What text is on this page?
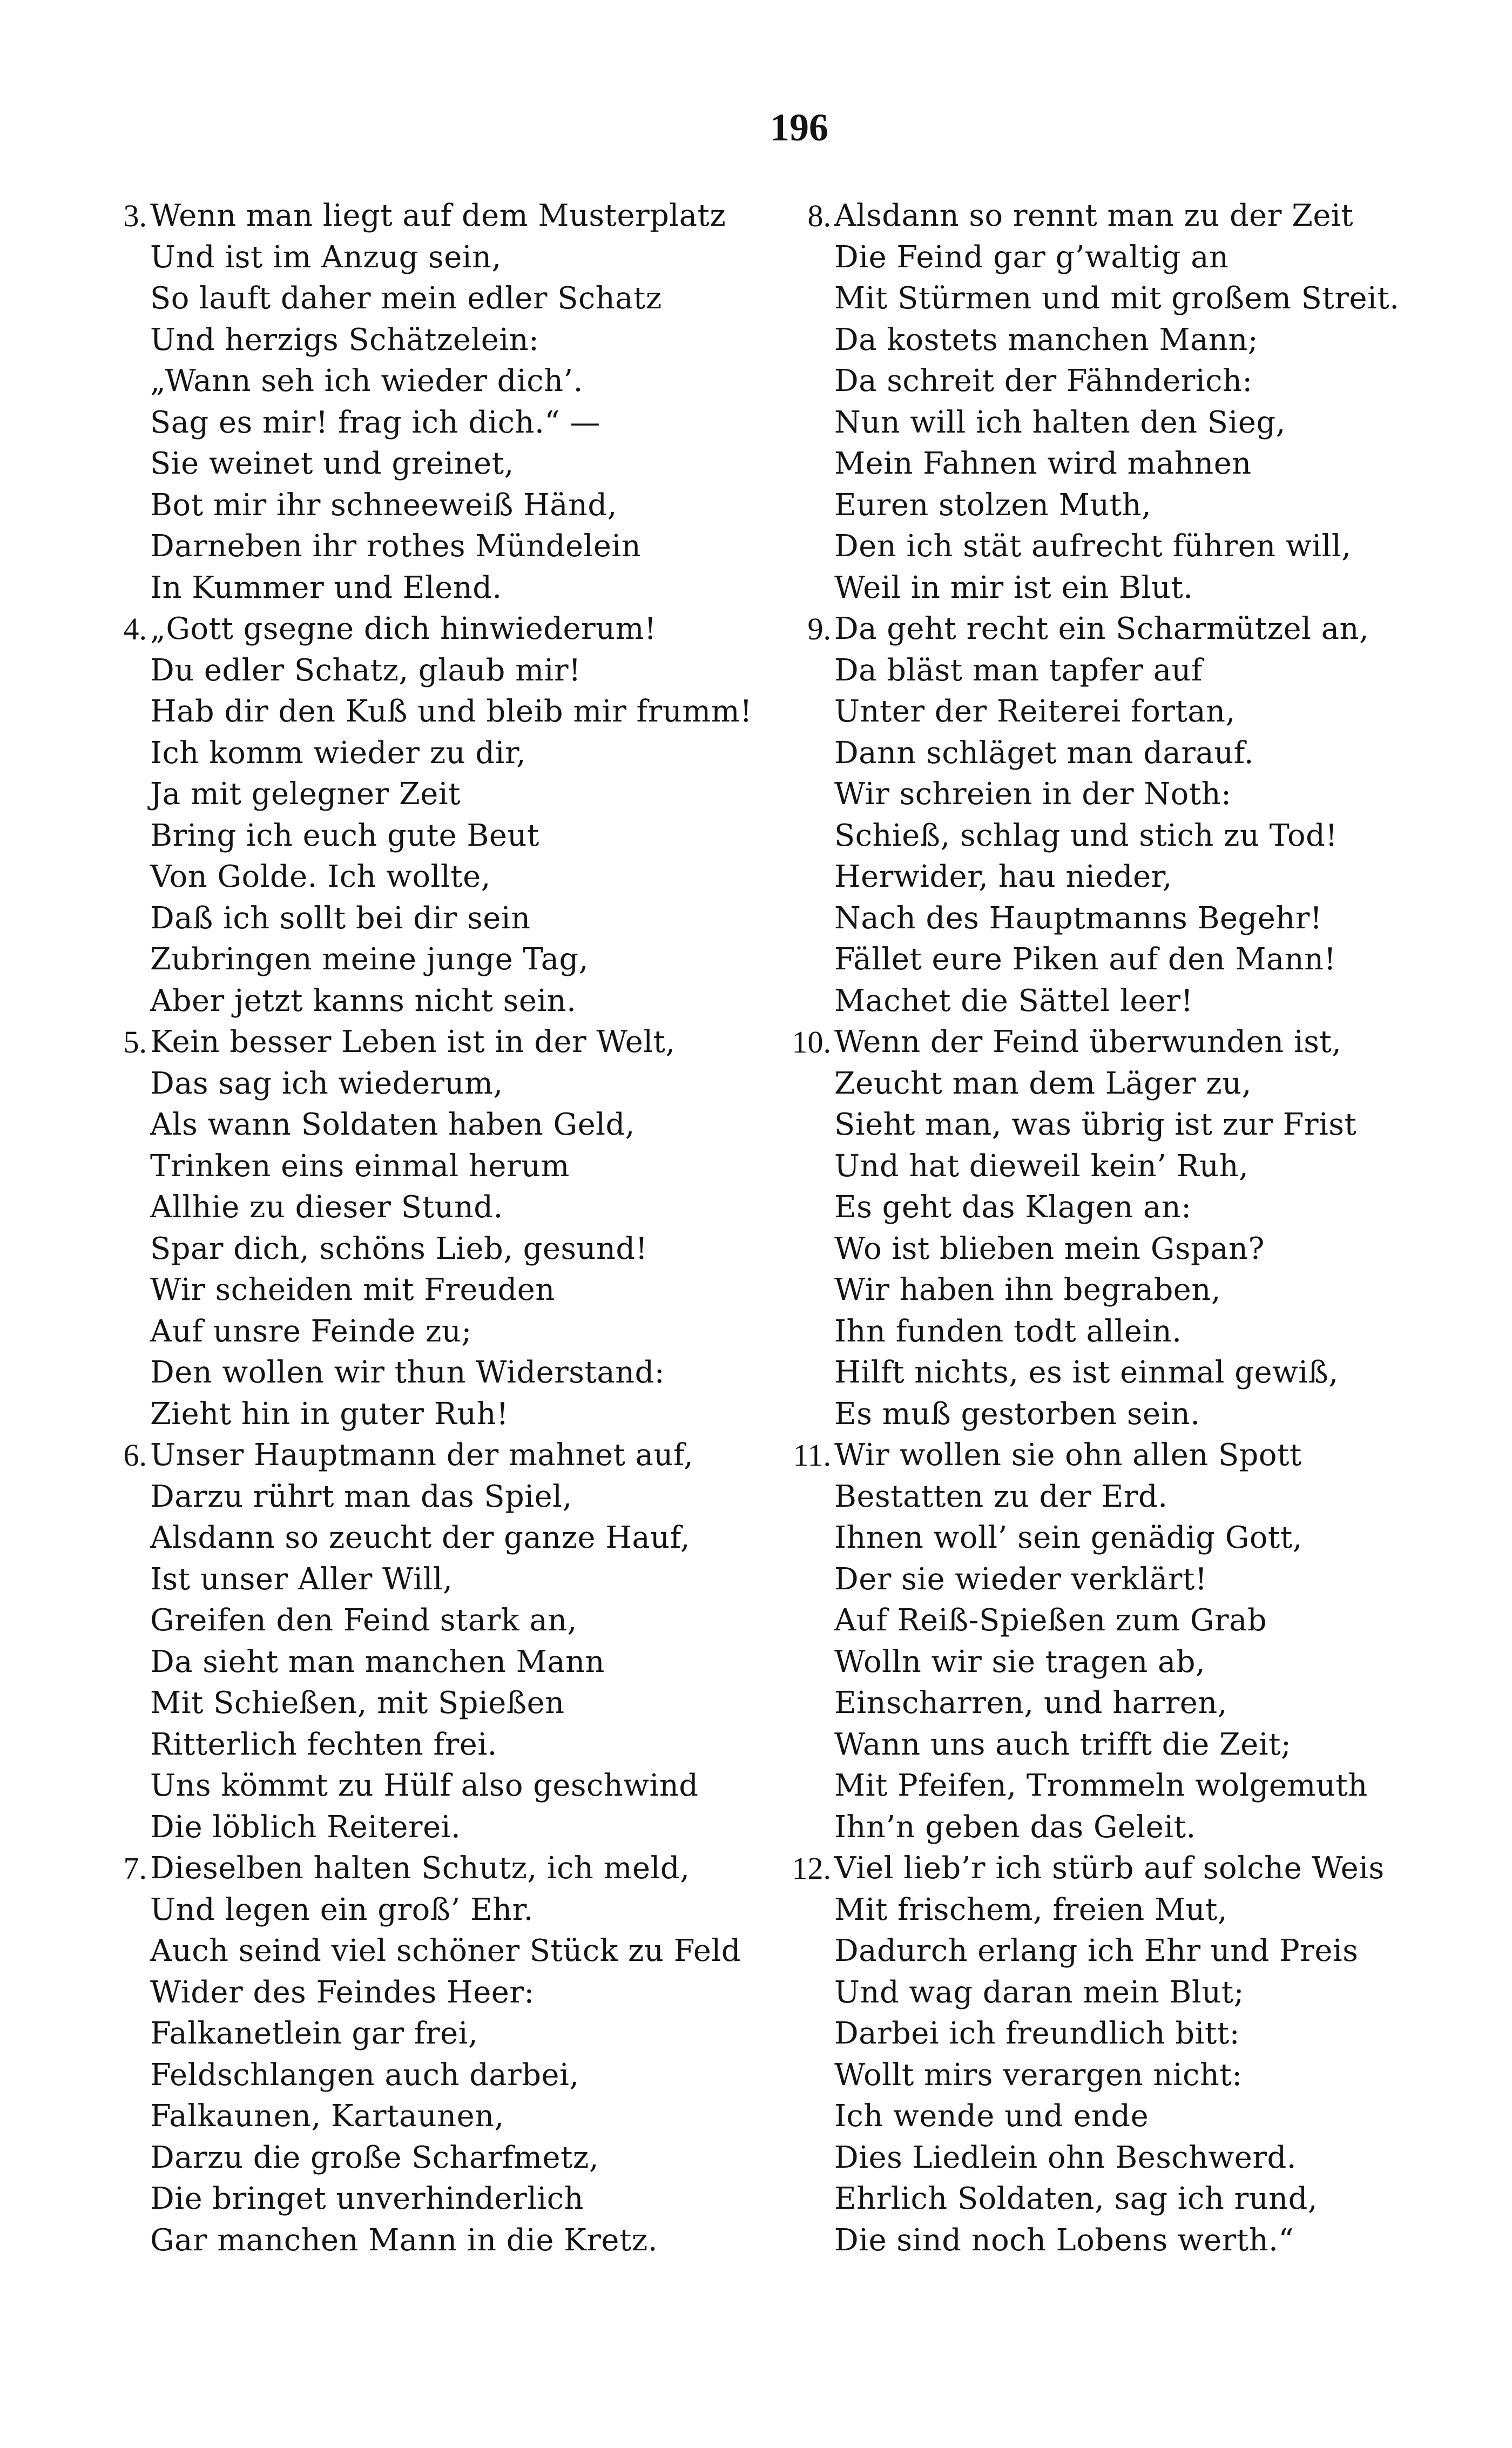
196
3. Wenn man liegt auf dem Musterplatz
Und ist im Anzug sein,
So lauft daher mein edler Schatz
Und herzigs Schätzelein:
„Wann seh ich wieder dich’.
Sag es mir! frag ich dich.“ —
Sie weinet und greinet,
Bot mir ihr schneeweiß Händ,
Darneben ihr rothes Mündelein
In Kummer und Elend.
4. „Gott gsegne dich hinwiederum!
Du edler Schatz, glaub mir!
Hab dir den Kuß und bleib mir frumm!
Ich komm wieder zu dir,
Ja mit gelegner Zeit
Bring ich euch gute Beut
Von Golde. Ich wollte,
Daß ich sollt bei dir sein
Zubringen meine junge Tag,
Aber jetzt kanns nicht sein.
5. Kein besser Leben ist in der Welt,
Das sag ich wiederum,
Als wann Soldaten haben Geld,
Trinken eins einmal herum
Allhie zu dieser Stund.
Spar dich, schöns Lieb, gesund!
Wir scheiden mit Freuden
Auf unsre Feinde zu;
Den wollen wir thun Widerstand:
Zieht hin in guter Ruh!
6. Unser Hauptmann der mahnet auf,
Darzu rührt man das Spiel,
Alsdann so zeucht der ganze Hauf,
Ist unser Aller Will,
Greifen den Feind stark an,
Da sieht man manchen Mann
Mit Schießen, mit Spießen
Ritterlich fechten frei.
Uns kömmt zu Hülf also geschwind
Die löblich Reiterei.
7. Dieselben halten Schutz, ich meld,
Und legen ein groß’ Ehr.
Auch seind viel schöner Stück zu Feld
Wider des Feindes Heer:
Falkanetlein gar frei,
Feldschlangen auch darbei,
Falkaunen, Kartaunen,
Darzu die große Scharfmetz,
Die bringet unverhinderlich
Gar manchen Mann in die Kretz.
8. Alsdann so rennt man zu der Zeit
Die Feind gar g’waltig an
Mit Stürmen und mit großem Streit.
Da kostets manchen Mann;
Da schreit der Fähnderich:
Nun will ich halten den Sieg,
Mein Fahnen wird mahnen
Euren stolzen Muth,
Den ich stät aufrecht führen will,
Weil in mir ist ein Blut.
9. Da geht recht ein Scharmützel an,
Da bläst man tapfer auf
Unter der Reiterei fortan,
Dann schläget man darauf.
Wir schreien in der Noth:
Schieß, schlag und stich zu Tod!
Herwider, hau nieder,
Nach des Hauptmanns Begehr!
Fället eure Piken auf den Mann!
Machet die Sättel leer!
10. Wenn der Feind überwunden ist,
Zeucht man dem Läger zu,
Sieht man, was übrig ist zur Frist
Und hat dieweil kein’ Ruh,
Es geht das Klagen an:
Wo ist blieben mein Gspan?
Wir haben ihn begraben,
Ihn funden todt allein.
Hilft nichts, es ist einmal gewiß,
Es muß gestorben sein.
11. Wir wollen sie ohn allen Spott
Bestatten zu der Erd.
Ihnen woll’ sein genädig Gott,
Der sie wieder verklärt!
Auf Reiß-Spießen zum Grab
Wolln wir sie tragen ab,
Einscharren, und harren,
Wann uns auch trifft die Zeit;
Mit Pfeifen, Trommeln wolgemuth
Ihn’n geben das Geleit.
12. Viel lieb’r ich stürb auf solche Weis
Mit frischem, freien Mut,
Dadurch erlang ich Ehr und Preis
Und wag daran mein Blut;
Darbei ich freundlich bitt:
Wollt mirs verargen nicht:
Ich wende und ende
Dies Liedlein ohn Beschwerd.
Ehrlich Soldaten, sag ich rund,
Die sind noch Lobens werth.“
